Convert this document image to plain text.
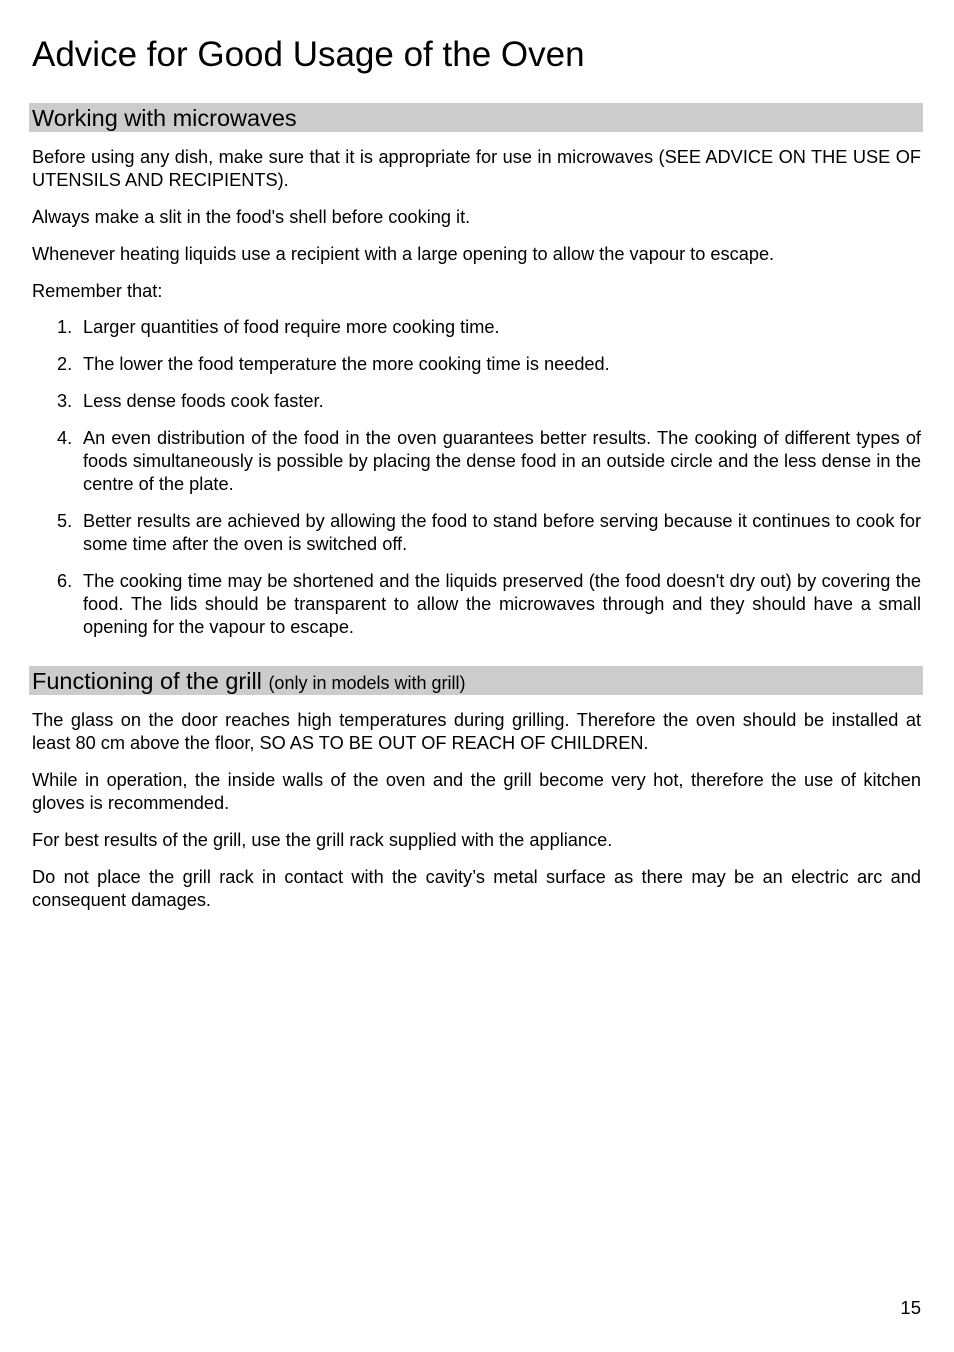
Advice for Good Usage of the Oven
Working with microwaves

Before using any dish, make sure that it is appropriate for use in microwaves (SEE ADVICE ON THE USE OF UTENSILS AND RECIPIENTS).

Always make a slit in the food's shell before cooking it.

Whenever heating liquids use a recipient with a large opening to allow the vapour to escape.

Remember that:

1. Larger quantities of food require more cooking time.
2. The lower the food temperature the more cooking time is needed.
3. Less dense foods cook faster.
4. An even distribution of the food in the oven guarantees better results. The cooking of different types of foods simultaneously is possible by placing the dense food in an outside circle and the less dense in the centre of the plate.
5. Better results are achieved by allowing the food to stand before serving because it continues to cook for some time after the oven is switched off.
6. The cooking time may be shortened and the liquids preserved (the food doesn't dry out) by covering the food. The lids should be transparent to allow the microwaves through and they should have a small opening for the vapour to escape.
Functioning of the grill (only in models with grill)

The glass on the door reaches high temperatures during grilling. Therefore the oven should be installed at least 80 cm above the floor, SO AS TO BE OUT OF REACH OF CHILDREN.

While in operation, the inside walls of the oven and the grill become very hot, therefore the use of kitchen gloves is recommended.

For best results of the grill, use the grill rack supplied with the appliance.

Do not place the grill rack in contact with the cavity’s metal surface as there may be an electric arc and consequent damages.

15
